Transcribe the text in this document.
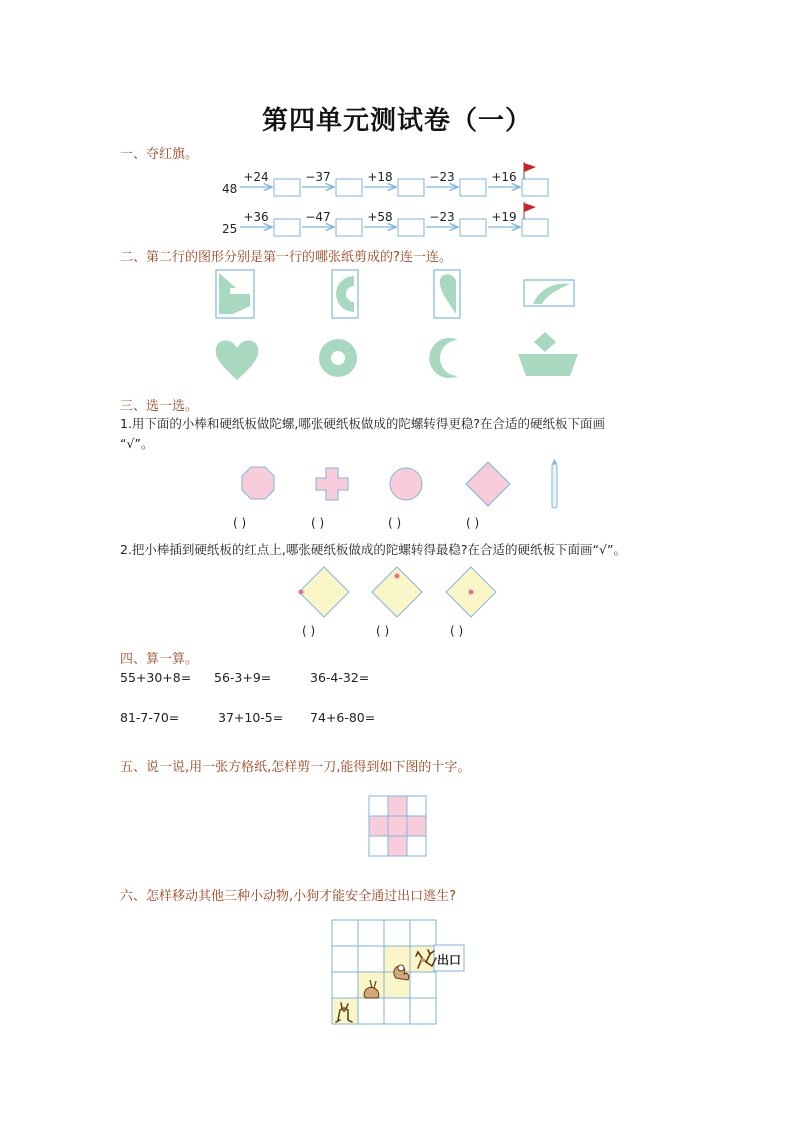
第四单元测试卷（一）
一、夺红旗。
48
+24	−37	+18	−23	+16
25
+36	−47	+58	−23	+19
二、第二行的图形分别是第一行的哪张纸剪成的?连一连。
三、选一选。
1.用下面的小棒和硬纸板做陀螺,哪张硬纸板做成的陀螺转得更稳?在合适的硬纸板下面画
“√”。
( )	( )	( )	( )
2.把小棒插到硬纸板的红点上,哪张硬纸板做成的陀螺转得最稳?在合适的硬纸板下面画“√”。
( )	( )	( )
四、算一算。
55+30+8= 56-3+9=	36-4-32=
81-7-70=	37+10-5= 74+6-80=
五、说一说,用一张方格纸,怎样剪一刀,能得到如下图的十字。
六、怎样移动其他三种小动物,小狗才能安全通过出口逃生?
出口
